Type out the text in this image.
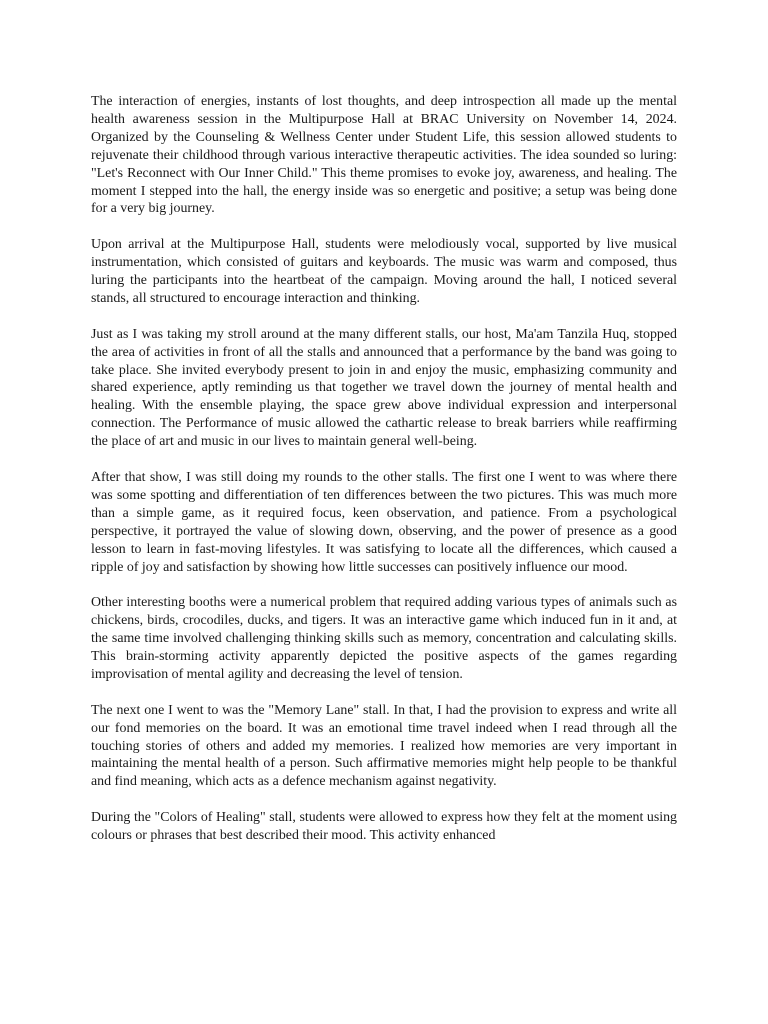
The interaction of energies, instants of lost thoughts, and deep introspection all made up the mental health awareness session in the Multipurpose Hall at BRAC University on November 14, 2024. Organized by the Counseling & Wellness Center under Student Life, this session allowed students to rejuvenate their childhood through various interactive therapeutic activities. The idea sounded so luring: "Let's Reconnect with Our Inner Child." This theme promises to evoke joy, awareness, and healing. The moment I stepped into the hall, the energy inside was so energetic and positive; a setup was being done for a very big journey.

Upon arrival at the Multipurpose Hall, students were melodiously vocal, supported by live musical instrumentation, which consisted of guitars and keyboards. The music was warm and composed, thus luring the participants into the heartbeat of the campaign. Moving around the hall, I noticed several stands, all structured to encourage interaction and thinking.

Just as I was taking my stroll around at the many different stalls, our host, Ma'am Tanzila Huq, stopped the area of activities in front of all the stalls and announced that a performance by the band was going to take place. She invited everybody present to join in and enjoy the music, emphasizing community and shared experience, aptly reminding us that together we travel down the journey of mental health and healing. With the ensemble playing, the space grew above individual expression and interpersonal connection. The Performance of music allowed the cathartic release to break barriers while reaffirming the place of art and music in our lives to maintain general well-being.

After that show, I was still doing my rounds to the other stalls. The first one I went to was where there was some spotting and differentiation of ten differences between the two pictures. This was much more than a simple game, as it required focus, keen observation, and patience. From a psychological perspective, it portrayed the value of slowing down, observing, and the power of presence as a good lesson to learn in fast-moving lifestyles. It was satisfying to locate all the differences, which caused a ripple of joy and satisfaction by showing how little successes can positively influence our mood.

Other interesting booths were a numerical problem that required adding various types of animals such as chickens, birds, crocodiles, ducks, and tigers. It was an interactive game which induced fun in it and, at the same time involved challenging thinking skills such as memory, concentration and calculating skills. This brain-storming activity apparently depicted the positive aspects of the games regarding improvisation of mental agility and decreasing the level of tension.

The next one I went to was the "Memory Lane" stall. In that, I had the provision to express and write all our fond memories on the board. It was an emotional time travel indeed when I read through all the touching stories of others and added my memories. I realized how memories are very important in maintaining the mental health of a person. Such affirmative memories might help people to be thankful and find meaning, which acts as a defence mechanism against negativity.

During the "Colors of Healing" stall, students were allowed to express how they felt at the moment using colours or phrases that best described their mood. This activity enhanced
